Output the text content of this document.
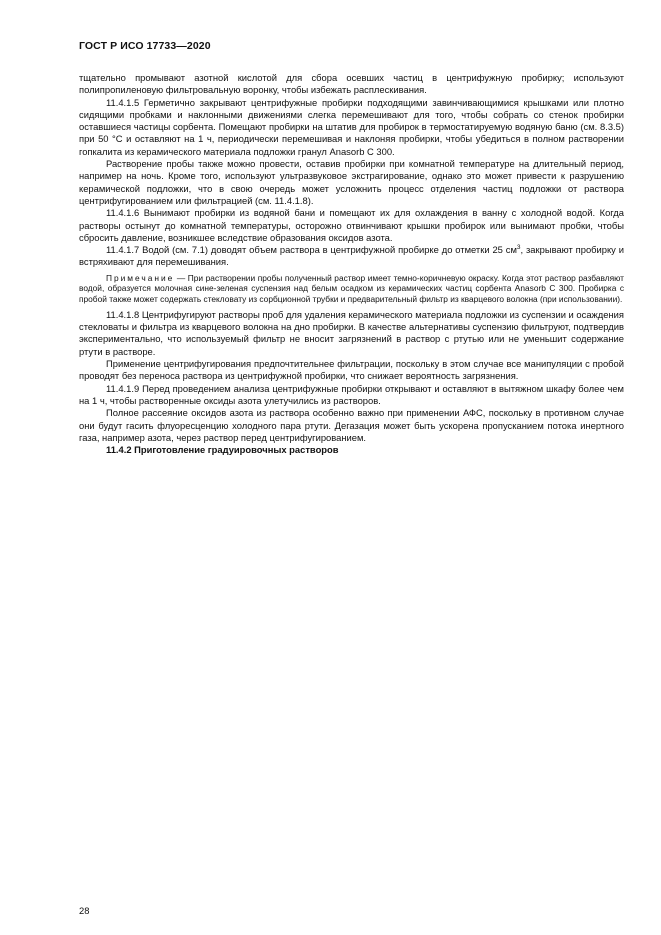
ГОСТ Р ИСО 17733—2020

тщательно промывают азотной кислотой для сбора осевших частиц в центрифужную пробирку; используют полипропиленовую фильтровальную воронку, чтобы избежать расплескивания.

11.4.1.5 Герметично закрывают центрифужные пробирки подходящими завинчивающимися крышками или плотно сидящими пробками и наклонными движениями слегка перемешивают для того, чтобы собрать со стенок пробирки оставшиеся частицы сорбента. Помещают пробирки на штатив для пробирок в термостатируемую водяную баню (см. 8.3.5) при 50 °С и оставляют на 1 ч, периодически перемешивая и наклоняя пробирки, чтобы убедиться в полном растворении гопкалита из керамического материала подложки гранул Anasorb C 300.

Растворение пробы также можно провести, оставив пробирки при комнатной температуре на длительный период, например на ночь. Кроме того, используют ультразвуковое экстрагирование, однако это может привести к разрушению керамической подложки, что в свою очередь может усложнить процесс отделения частиц подложки от раствора центрифугированием или фильтрацией (см. 11.4.1.8).

11.4.1.6 Вынимают пробирки из водяной бани и помещают их для охлаждения в ванну с холодной водой. Когда растворы остынут до комнатной температуры, осторожно отвинчивают крышки пробирок или вынимают пробки, чтобы сбросить давление, возникшее вследствие образования оксидов азота.

11.4.1.7 Водой (см. 7.1) доводят объем раствора в центрифужной пробирке до отметки 25 $см^3$, закрывают пробирку и встряхивают для перемешивания.

Примечание — При растворении пробы полученный раствор имеет темно-коричневую окраску. Когда этот раствор разбавляют водой, образуется молочная сине-зеленая суспензия над белым осадком из керамических частиц сорбента Anasorb C 300. Пробирка с пробой также может содержать стекловату из сорбционной трубки и предварительный фильтр из кварцевого волокна (при использовании).

11.4.1.8 Центрифугируют растворы проб для удаления керамического материала подложки из суспензии и осаждения стекловаты и фильтра из кварцевого волокна на дно пробирки. В качестве альтернативы суспензию фильтруют, подтвердив экспериментально, что используемый фильтр не вносит загрязнений в раствор с ртутью или не уменьшит содержание ртути в растворе.

Применение центрифугирования предпочтительнее фильтрации, поскольку в этом случае все манипуляции с пробой проводят без переноса раствора из центрифужной пробирки, что снижает вероятность загрязнения.

11.4.1.9 Перед проведением анализа центрифужные пробирки открывают и оставляют в вытяжном шкафу более чем на 1 ч, чтобы растворенные оксиды азота улетучились из растворов.

Полное рассеяние оксидов азота из раствора особенно важно при применении АФС, поскольку в противном случае они будут гасить флуоресценцию холодного пара ртути. Дегазация может быть ускорена пропусканием потока инертного газа, например азота, через раствор перед центрифугированием.

11.4.2 Приготовление градуировочных растворов
28
